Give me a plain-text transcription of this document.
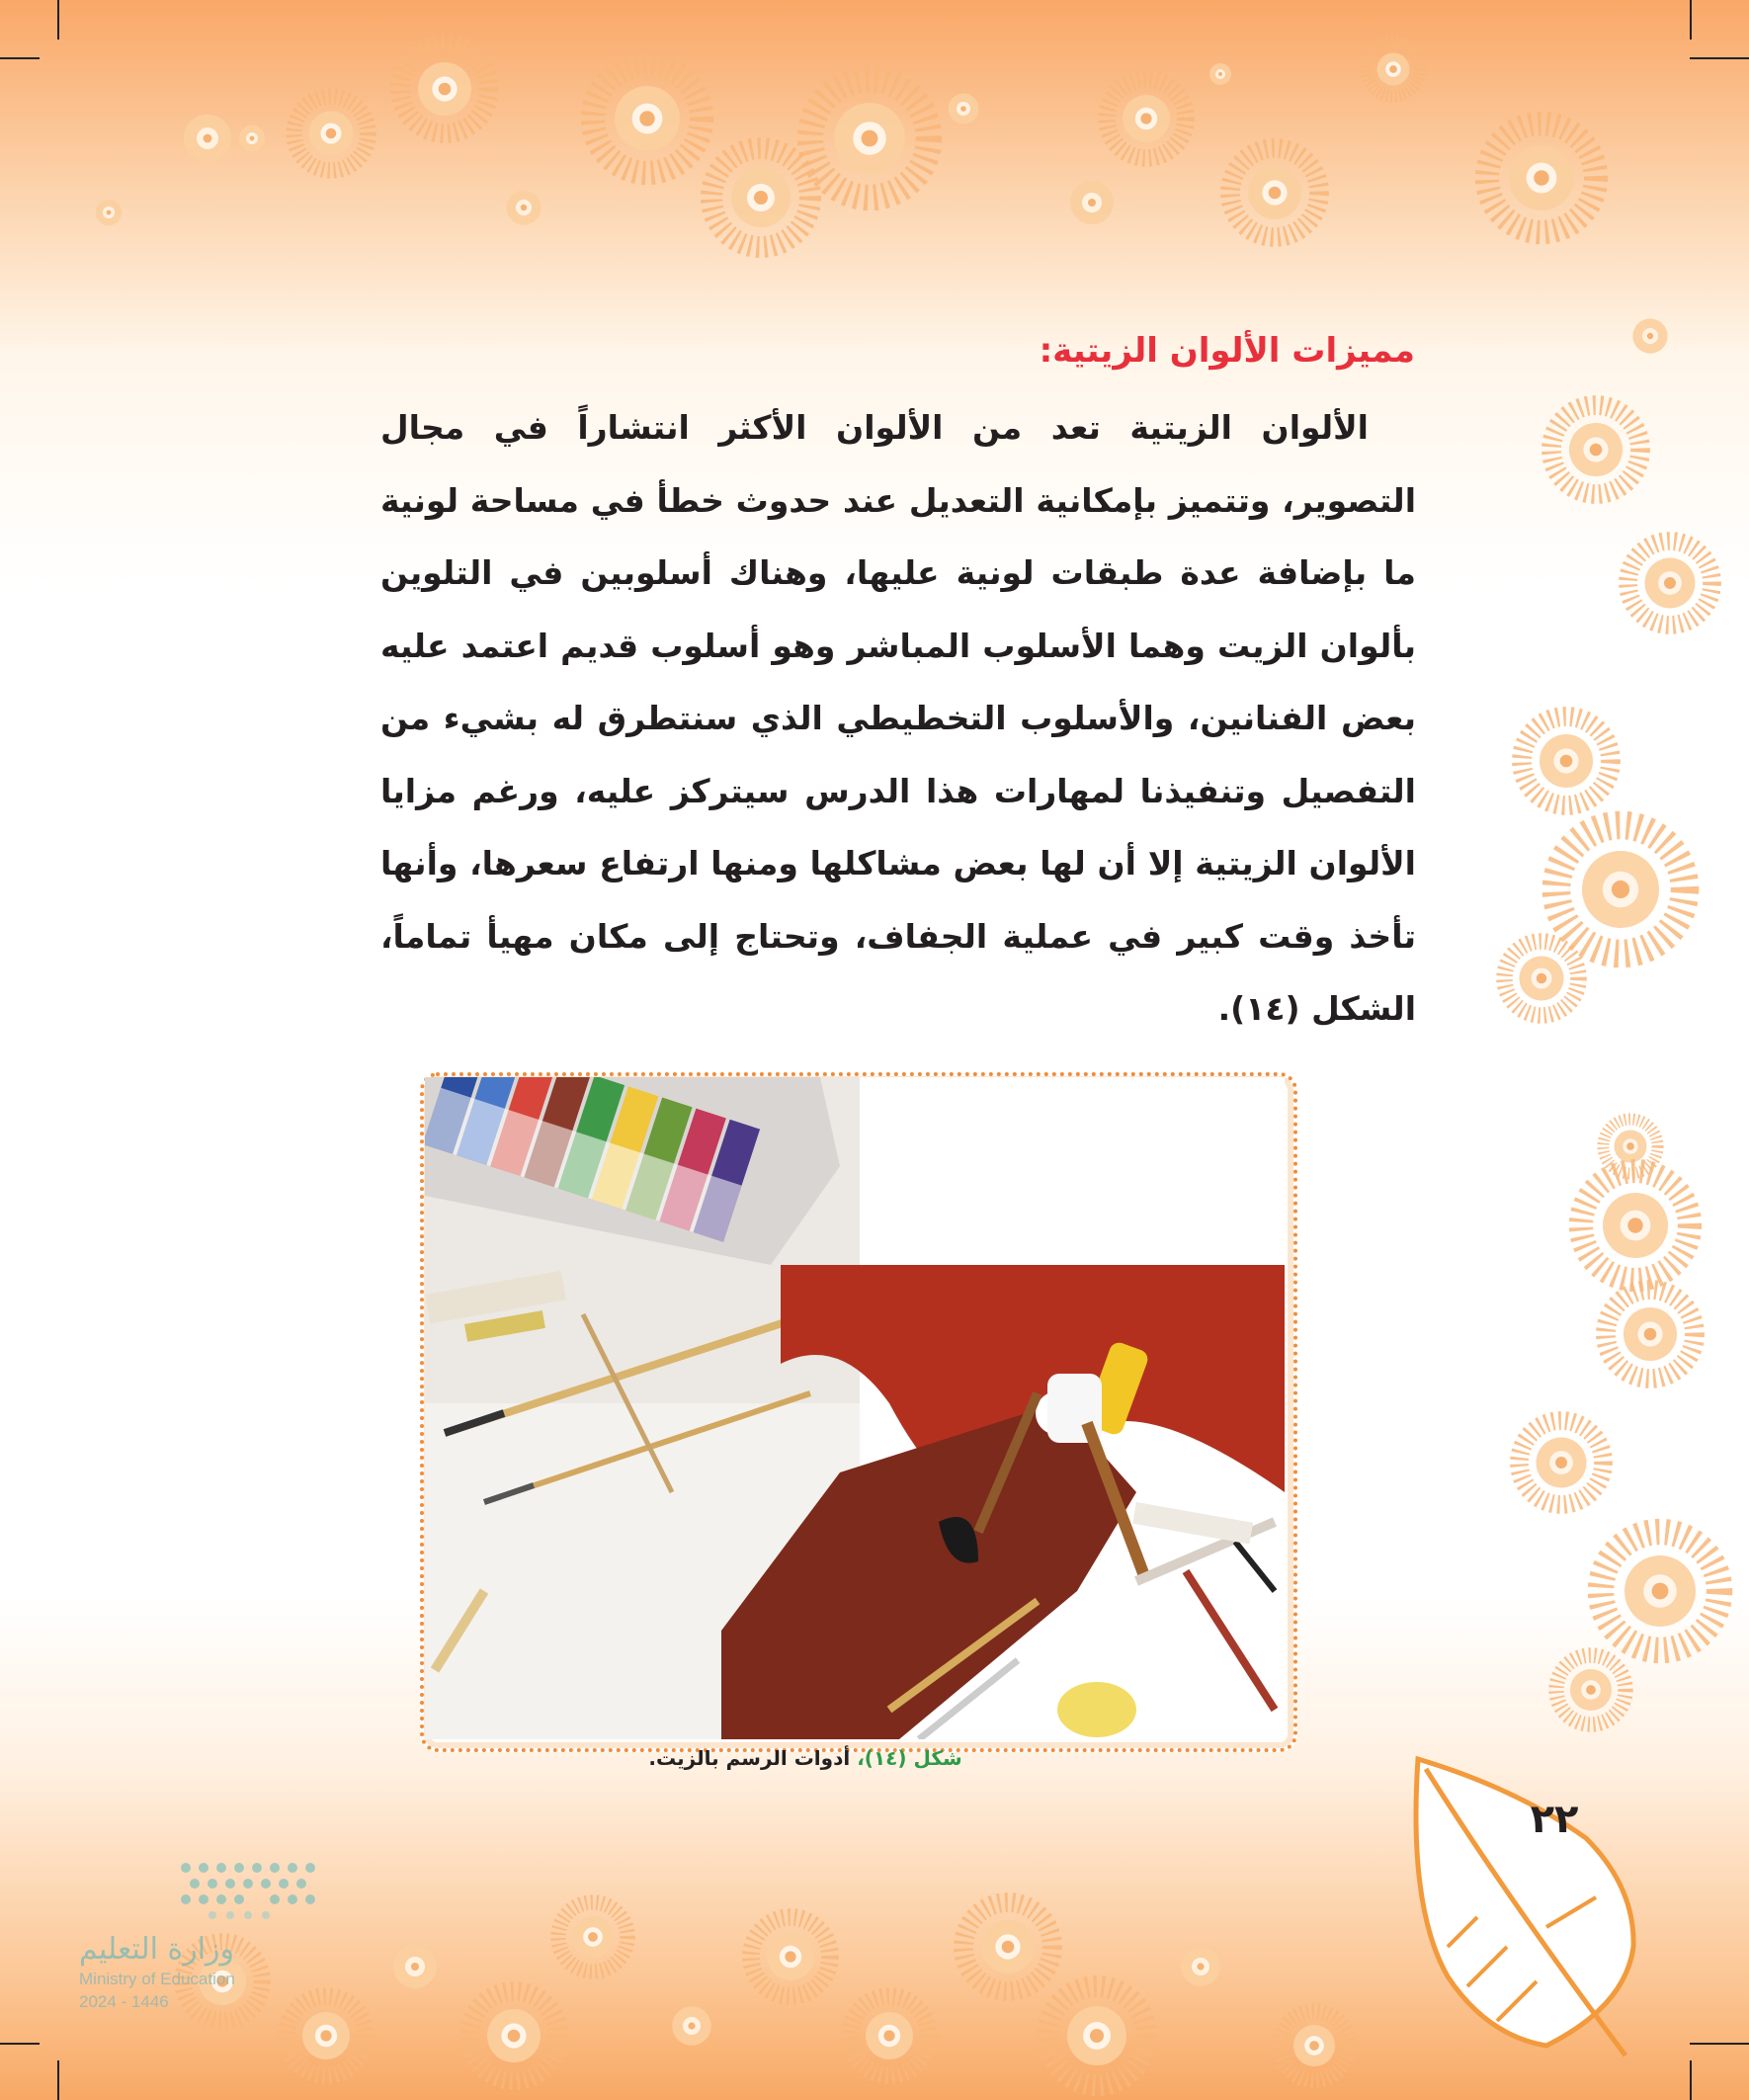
مميزات الألوان الزيتية:
الألوان الزيتية تعد من الألوان الأكثر انتشاراً في مجال التصوير، وتتميز بإمكانية التعديل عند حدوث خطأ في مساحة لونية ما بإضافة عدة طبقات لونية عليها، وهناك أسلوبين في التلوين بألوان الزيت وهما الأسلوب المباشر وهو أسلوب قديم اعتمد عليه بعض الفنانين، والأسلوب التخطيطي الذي سنتطرق له بشيء من التفصيل وتنفيذنا لمهارات هذا الدرس سيتركز عليه، ورغم مزايا الألوان الزيتية إلا أن لها بعض مشاكلها ومنها ارتفاع سعرها، وأنها تأخذ وقت كبير في عملية الجفاف، وتحتاج إلى مكان مهيأ تماماً، الشكل (١٤).
شكل (١٤)، أدوات الرسم بالزيت.
٢٢
وزارة التعليم
Ministry of Education
2024 - 1446
